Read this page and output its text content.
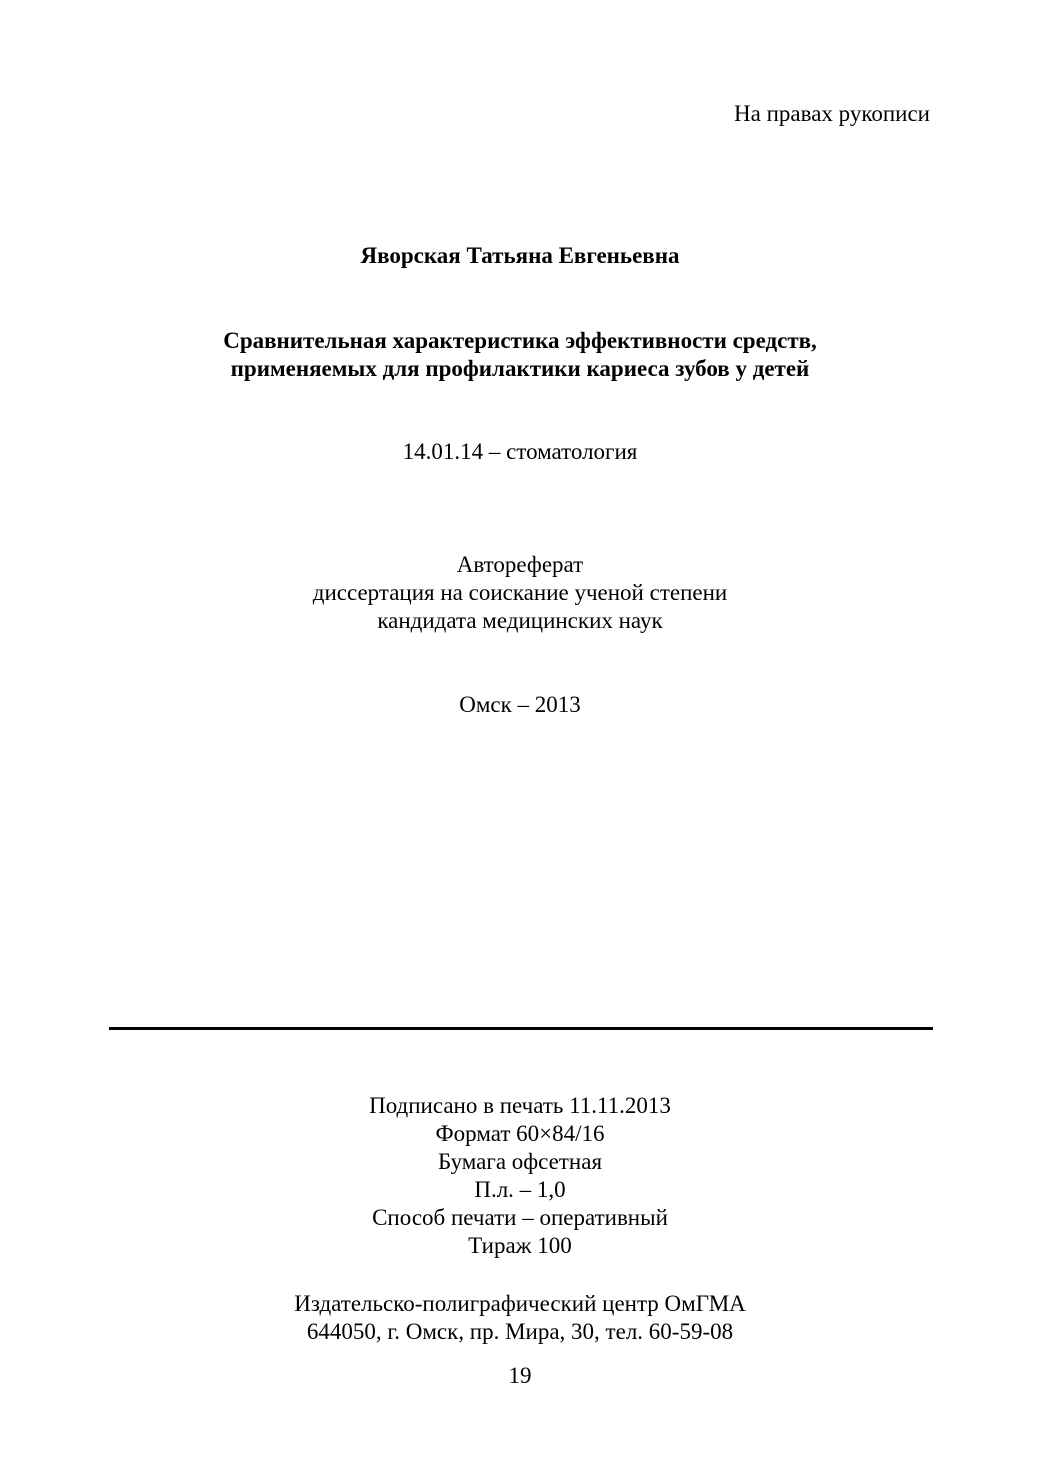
На правах рукописи
Яворская Татьяна Евгеньевна
Сравнительная характеристика эффективности средств,
применяемых для профилактики кариеса зубов у детей
14.01.14 – стоматология
Автореферат
диссертация на соискание ученой степени
кандидата медицинских наук
Омск – 2013
Подписано в печать 11.11.2013
Формат 60×84/16
Бумага офсетная
П.л. – 1,0
Способ печати – оперативный
Тираж 100
Издательско-полиграфический центр ОмГМА
644050, г. Омск, пр. Мира, 30, тел. 60-59-08
19
